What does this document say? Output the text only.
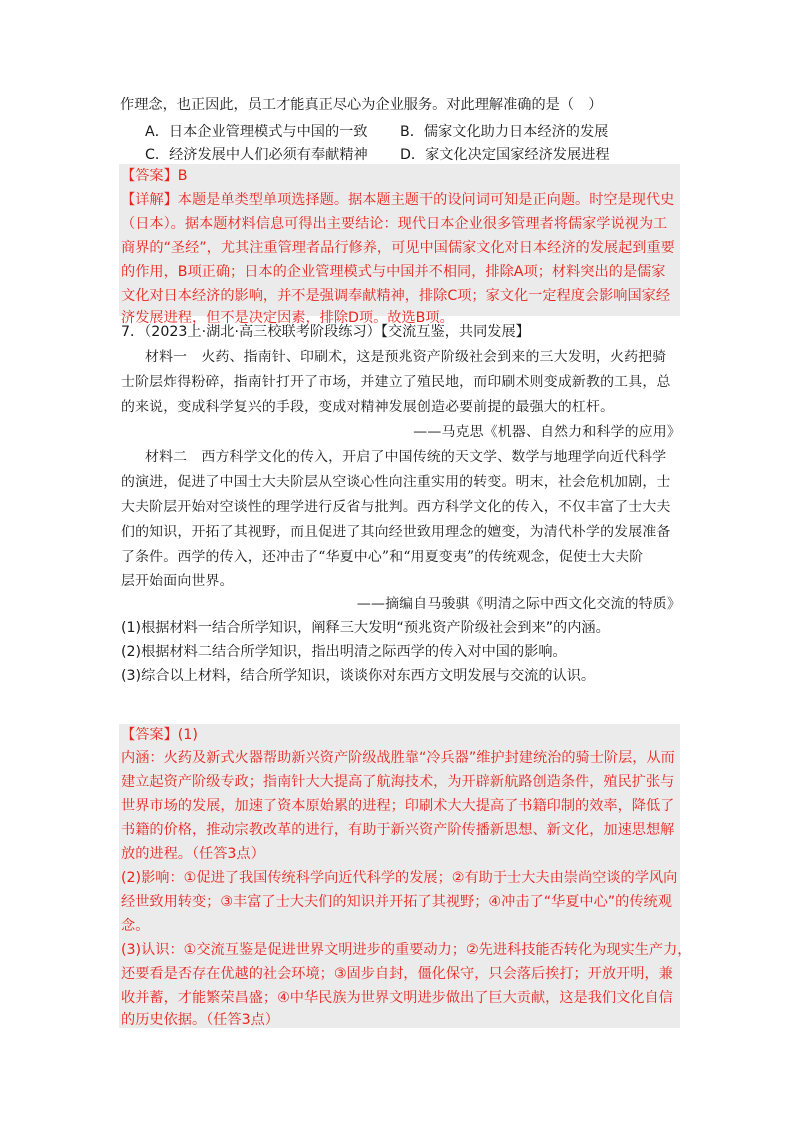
作理念，也正因此，员工才能真正尽心为企业服务。对此理解准确的是（　）
A．日本企业管理模式与中国的一致 B．儒家文化助力日本经济的发展
C．经济发展中人们必须有奉献精神 D．家文化决定国家经济发展进程
【答案】B
【详解】本题是单类型单项选择题。据本题主题干的设问词可知是正向题。时空是现代史
（日本）。据本题材料信息可得出主要结论：现代日本企业很多管理者将儒家学说视为工
商界的“圣经”，尤其注重管理者品行修养，可见中国儒家文化对日本经济的发展起到重要
的作用，B项正确；日本的企业管理模式与中国并不相同，排除A项；材料突出的是儒家
文化对日本经济的影响，并不是强调奉献精神，排除C项；家文化一定程度会影响国家经
济发展进程，但不是决定因素，排除D项。故选B项。
7．（2023上·湖北·高三校联考阶段练习）【交流互鉴，共同发展】
材料一　火药、指南针、印刷术，这是预兆资产阶级社会到来的三大发明，火药把骑
士阶层炸得粉碎，指南针打开了市场，并建立了殖民地，而印刷术则变成新教的工具，总
的来说，变成科学复兴的手段，变成对精神发展创造必要前提的最强大的杠杆。
——马克思《机器、自然力和科学的应用》
材料二　西方科学文化的传入，开启了中国传统的天文学、数学与地理学向近代科学
的演进，促进了中国士大夫阶层从空谈心性向注重实用的转变。明末，社会危机加剧，士
大夫阶层开始对空谈性的理学进行反省与批判。西方科学文化的传入，不仅丰富了士大夫
们的知识，开拓了其视野，而且促进了其向经世致用理念的嬗变，为清代朴学的发展准备
了条件。西学的传入，还冲击了“华夏中心”和“用夏变夷”的传统观念，促使士大夫阶
层开始面向世界。
——摘编自马骏骐《明清之际中西文化交流的特质》
(1)根据材料一结合所学知识，阐释三大发明“预兆资产阶级社会到来”的内涵。
(2)根据材料二结合所学知识，指出明清之际西学的传入对中国的影响。
(3)综合以上材料，结合所学知识，谈谈你对东西方文明发展与交流的认识。
【答案】(1)
内涵：火药及新式火器帮助新兴资产阶级战胜靠“冷兵器”维护封建统治的骑士阶层，从而
建立起资产阶级专政；指南针大大提高了航海技术，为开辟新航路创造条件，殖民扩张与
世界市场的发展，加速了资本原始累的进程；印刷术大大提高了书籍印制的效率，降低了
书籍的价格，推动宗教改革的进行，有助于新兴资产阶传播新思想、新文化，加速思想解
放的进程。（任答3点）
(2)影响：①促进了我国传统科学向近代科学的发展；②有助于士大夫由崇尚空谈的学风向
经世致用转变；③丰富了士大夫们的知识并开拓了其视野；④冲击了“华夏中心”的传统观
念。
(3)认识：①交流互鉴是促进世界文明进步的重要动力；②先进科技能否转化为现实生产力，
还要看是否存在优越的社会环境；③固步自封，僵化保守，只会落后挨打；开放开明，兼
收并蓄，才能繁荣昌盛；④中华民族为世界文明进步做出了巨大贡献，这是我们文化自信
的历史依据。（任答3点）
